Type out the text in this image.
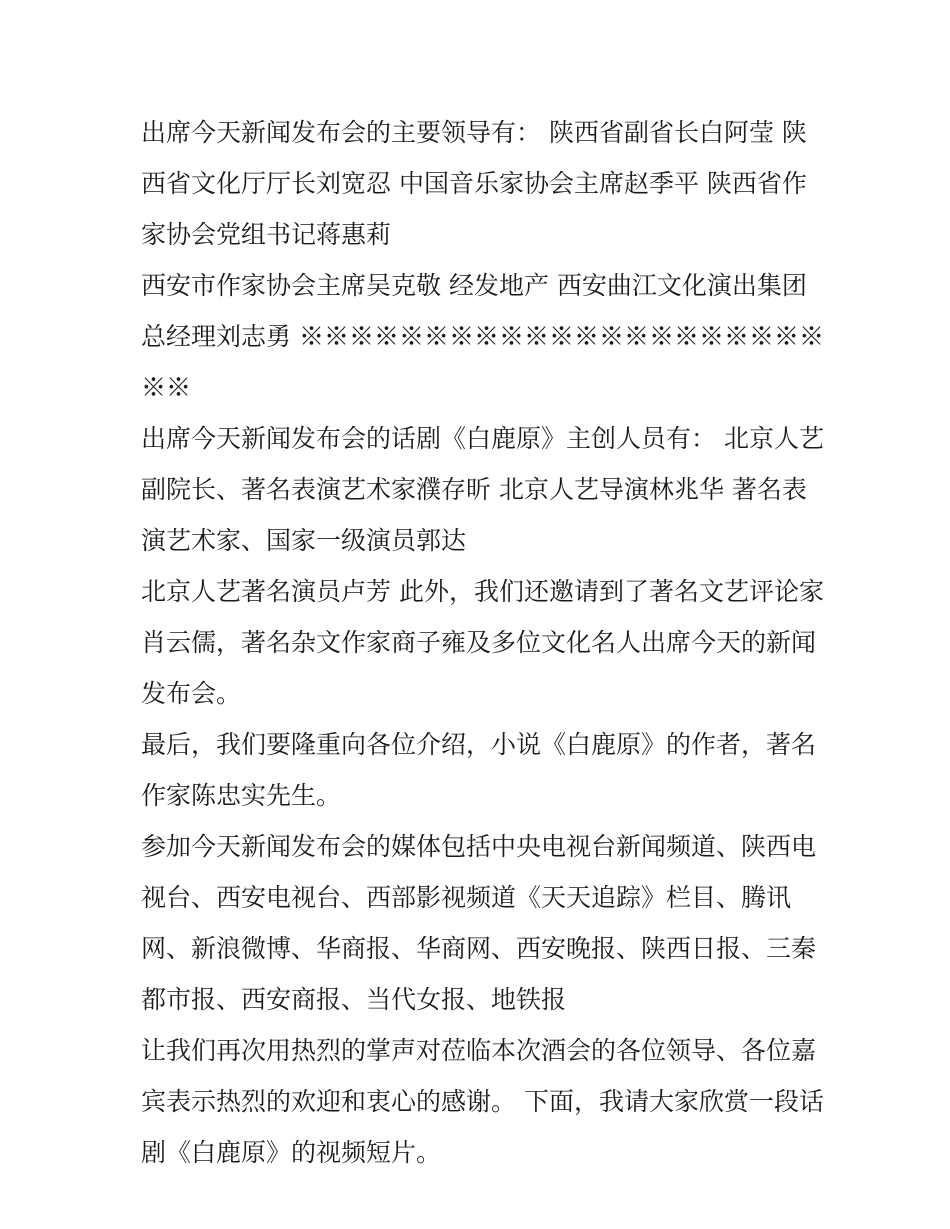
出席今天新闻发布会的主要领导有： 陕西省副省长白阿莹 陕西省文化厅厅长刘宽忍 中国音乐家协会主席赵季平 陕西省作家协会党组书记蒋惠莉

西安市作家协会主席吴克敬 经发地产 西安曲江文化演出集团总经理刘志勇 ※※※※※※※※※※※※※※※※※※※※※※※

出席今天新闻发布会的话剧《白鹿原》主创人员有： 北京人艺副院长、著名表演艺术家濮存昕 北京人艺导演林兆华 著名表演艺术家、国家一级演员郭达

北京人艺著名演员卢芳 此外，我们还邀请到了著名文艺评论家肖云儒，著名杂文作家商子雍及多位文化名人出席今天的新闻发布会。

最后，我们要隆重向各位介绍，小说《白鹿原》的作者，著名作家陈忠实先生。

参加今天新闻发布会的媒体包括中央电视台新闻频道、陕西电视台、西安电视台、西部影视频道《天天追踪》栏目、腾讯网、新浪微博、华商报、华商网、西安晚报、陕西日报、三秦都市报、西安商报、当代女报、地铁报

让我们再次用热烈的掌声对莅临本次酒会的各位领导、各位嘉宾表示热烈的欢迎和衷心的感谢。 下面，我请大家欣赏一段话剧《白鹿原》的视频短片。
